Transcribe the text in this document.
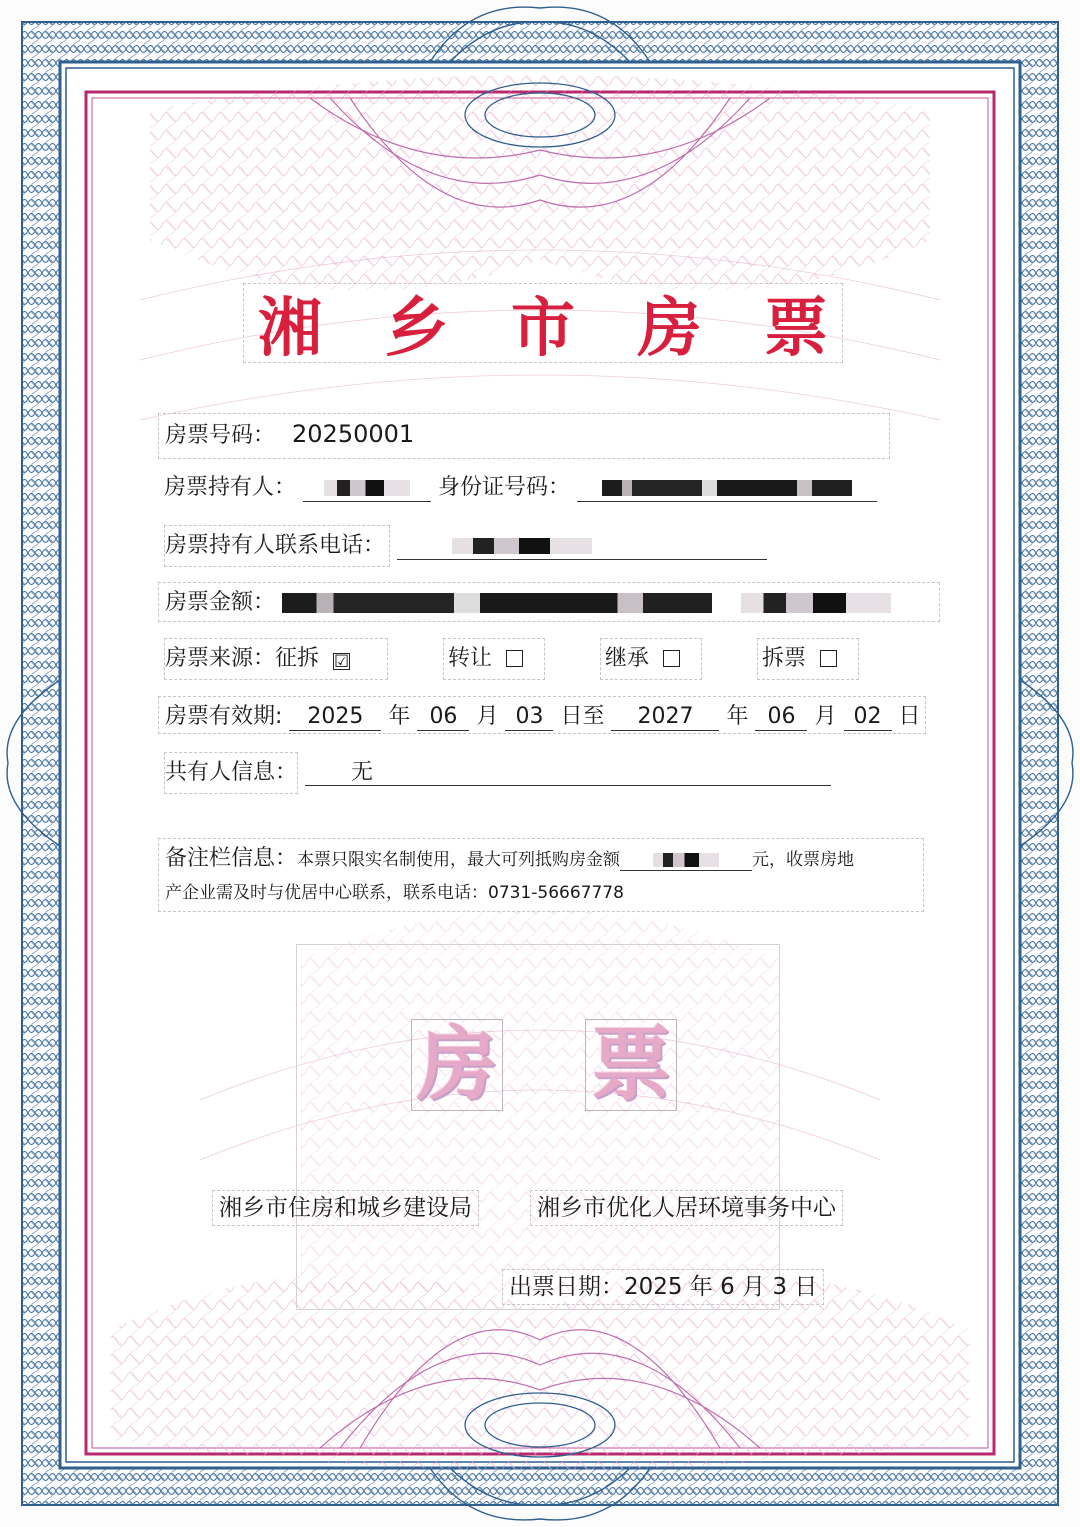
湘 乡 市 房 票
房票号码： 20250001
房票持有人：	身份证号码：
房票持有人联系电话：
房票金额：
房票来源：征拆 ☑	转让	继承	拆票
房票有效期: 2025 年 06 月 03 日至 2027 年 06 月 02 日
共有人信息： 无
备注栏信息：本票只限实名制使用，最大可列抵购房金额	元，收票房地
产企业需及时与优居中心联系，联系电话：0731-56667778
房 票
湘乡市住房和城乡建设局	湘乡市优化人居环境事务中心
出票日期：2025 年 6 月 3 日
